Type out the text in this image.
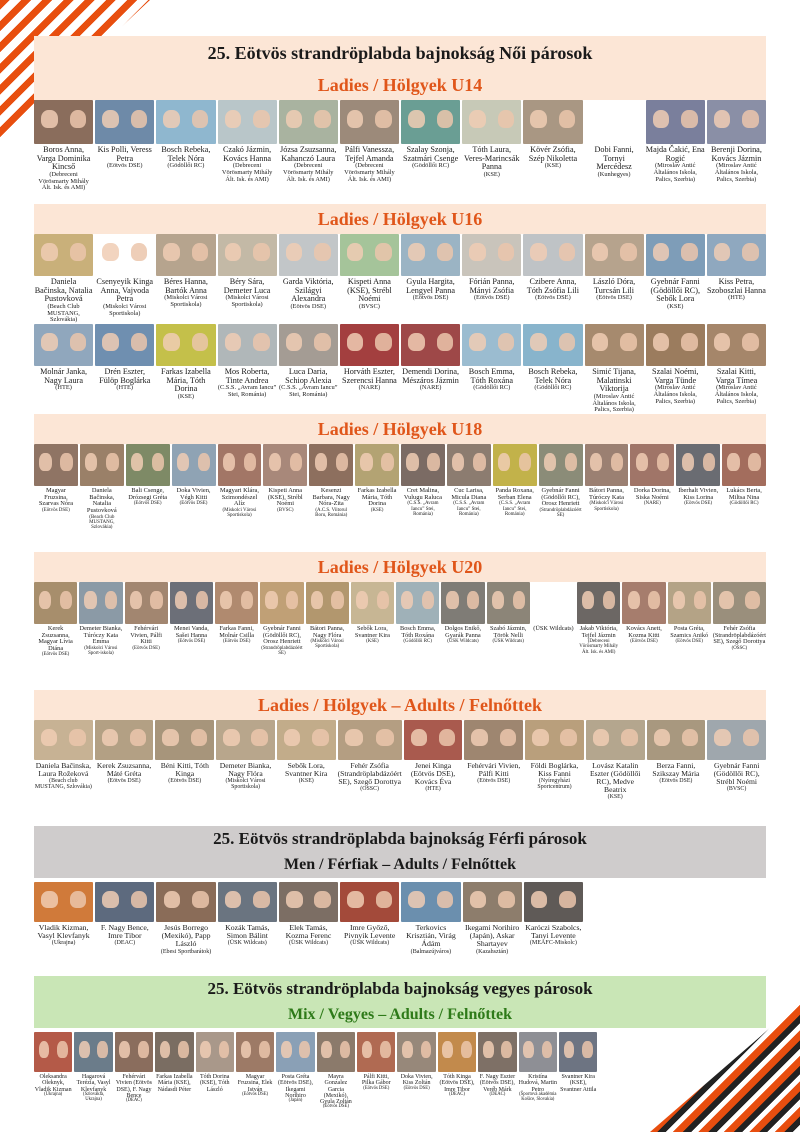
25. Eötvös strandröplabda bajnokság Női párosok
Ladies / Hölgyek U14
Boros Anna, Varga Dominika Kincső
(Debreceni Vörösmarty Mihály Ált. Isk. és AMI)
Kis Polli, Veress Petra
(Eötvös DSE)
Bosch Rebeka, Telek Nóra
(Gödöllői RC)
Czakó Jázmin, Kovács Hanna
(Debreceni Vörösmarty Mihály Ált. Isk. és AMI)
Józsa Zsuzsanna, Kahanczó Laura
(Debreceni Vörösmarty Mihály Ált. Isk. és AMI)
Pálfi Vanessza, Tejfel Amanda
(Debreceni Vörösmarty Mihály Ált. Isk. és AMI)
Szalay Szonja, Szatmári Csenge
(Gödöllői RC)
Tóth Laura, Veres-Marincsák Panna
(KSE)
Kövér Zsófia, Szép Nikoletta
(KSE)
Dobi Fanni, Tornyi Mercédesz
(Kunhegyes)
Majda Čakić, Ena Rogić
(Miroslav Antić Általános Iskola, Palics, Szerbia)
Berenji Dorina, Kovács Jázmin
(Miroslav Antić Általános Iskola, Palics, Szerbia)
Ladies / Hölgyek U16
Daniela Bačinska, Natalia Pustovková
(Beach Club MUSTANG, Szlovákia)
Csenyeyik Kinga Anna, Vajvoda Petra
(Miskolci Városi Sportiskola)
Béres Hanna, Bartók Anna
(Miskolci Városi Sportiskola)
Béry Sára, Demeter Luca
(Miskolci Városi Sportiskola)
Garda Viktória, Szilágyi Alexandra
(Eötvös DSE)
Kispeti Anna (KSE), Strébl Noémi
(BVSC)
Gyula Hargita, Lengyel Panna
(Eötvös DSE)
Fórián Panna, Mányi Zsófia
(Eötvös DSE)
Czibere Anna, Tóth Zsófia Lili
(Eötvös DSE)
László Dóra, Turcsán Lili
(Eötvös DSE)
Gyebnár Fanni (Gödöllői RC), Sebők Lora
(KSE)
Kiss Petra, Szoboszlai Hanna
(HTE)
Molnár Janka, Nagy Laura
(HTE)
Drén Eszter, Fülöp Boglárka
(HTE)
Farkas Izabella Mária, Tóth Dorina
(KSE)
Mos Roberta, Tinte Andrea
(C.S.S. „Avram Iancu” Stei, Románia)
Luca Daria, Schiop Alexia
(C.S.S. „Avram Iancu” Stei, Románia)
Horváth Eszter, Szerencsi Hanna
(NARE)
Demendi Dorina, Mészáros Jázmin
(NARE)
Bosch Emma, Tóth Roxána
(Gödöllői RC)
Bosch Rebeka, Telek Nóra
(Gödöllői RC)
Simić Tijana, Malatinski Viktorija
(Miroslav Antić Általános Iskola, Palics, Szerbia)
Szalai Noémi, Varga Tünde
(Miroslav Antić Általános Iskola, Palics, Szerbia)
Szalai Kitti, Varga Tímea
(Miroslav Antić Általános Iskola, Palics, Szerbia)
Ladies / Hölgyek U18
Magyar Fruzsina, Szarvas Nóra
(Eötvös DSE)
Daniela Bačinska, Natalia Pustovková
(Beach Club MUSTANG, Szlovákia)
Bali Csenge, Drózsegi Gréta
(Eötvös DSE)
Doka Vivien, Végh Kitti
(Eötvös DSE)
Magyari Klára, Szimondészel Alíz
(Miskolci Városi Sportiskola)
Kispeti Anna (KSE), Strébl Noémi
(BVSC)
Kesenzi Barbara, Nagy Nóra-Zita
(A.C.S. Viitorul Boru, Románia)
Farkas Izabella Mária, Tóth Dorina
(KSE)
Cret Malina, Vulugu Raluca
(C.S.S. „Avram Iancu” Stei, Románia)
Cuc Larisa, Micula Diana
(C.S.S. „Avram Iancu” Stei, Románia)
Panda Roxana, Serban Elena
(C.S.S. „Avram Iancu” Stei, Románia)
Gyebnár Fanni (Gödöllői RC), Orosz Henriett
(Strandröplabdázóért SE)
Bátori Panna, Túróczy Kata
(Miskolci Városi Sportiskola)
Dorka Dorina, Siska Noémi
(NARE)
Iberhalt Vivien, Kiss Lorina
(Eötvös DSE)
Lukács Berta, Miltsa Nina
(Gödöllői RC)
Ladies / Hölgyek U20
Kerek Zsuzsanna, Magyar Lívia Diána
(Eötvös DSE)
Demeter Bianka, Túróczy Kata Emma
(Miskolci Városi Sport-iskola)
Fehérvári Vivien, Pálfi Kitti
(Eötvös DSE)
Menei Vanda, Sašei Hanna
(Eötvös DSE)
Farkas Fanni, Molnár Csilla
(Eötvös DSE)
Gyebnár Fanni (Gödöllői RC), Orosz Henriett
(Strandröplabdázóért SE)
Bátori Panna, Nagy Flóra
(Miskolci Városi Sportiskola)
Sebők Lora, Svantner Kira
(KSE)
Bosch Emma, Tóth Roxána
(Gödöllői RC)
Dolgos Enikő, Gyarák Panna
(ÜSK Wildcats)
Szabó Jázmin, Török Nelli
(ÜSK Wildcats)
(ÜSK Wildcats) Jakab Viktória, Tejfel Jázmin
(Debreceni Vörösmarty Mihály Ált. Isk. és AMI)
Kovács Anett, Kozma Kitti
(Eötvös DSE)
Posta Gréta, Szamics Anikó
(Eötvös DSE)
Fehér Zsófia (Strandröplabdázóért SE), Szegő Dorottya
(OSSC)
Ladies / Hölgyek – Adults / Felnőttek
Daniela Bačinska, Laura Rožeková
(Beach club MUSTANG, Szlovákia)
Kerek Zsuzsanna, Máté Gréta
(Eötvös DSE)
Béni Kitti, Tóth Kinga
(Eötvös DSE)
Demeter Bianka, Nagy Flóra
(Miskolci Városi Sportiskola)
Sebők Lora, Svantner Kira
(KSE)
Fehér Zsófia (Strandröplabdázóért SE), Szegő Dorottya
(OSSC)
Jenei Kinga (Eötvös DSE), Kovács Éva
(HTE)
Fehérvári Vivien, Pálfi Kitti
(Eötvös DSE)
Földi Boglárka, Kiss Fanni
(Nyíregyházi Sportcentrum)
Lovász Katalin Eszter (Gödöllői RC), Medve Beatrix
(KSE)
Berza Fanni, Szikszay Mária
(Eötvös DSE)
Gyebnár Fanni (Gödöllői RC), Strébl Noémi
(BVSC)
25. Eötvös strandröplabda bajnokság Férfi párosok
Men / Férfiak – Adults / Felnőttek
Vladik Kizman, Vasyl Klevfanyk
(Ukrajna)
F. Nagy Bence, Imre Tibor
(DEAC)
Jesús Borrego (Mexikó), Papp László
(Ebesi Sportbarátok)
Kozák Tamás, Simon Bálint
(ÜSK Wildcats)
Elek Tamás, Kozma Ferenc
(ÜSK Wildcats)
Imre Győző, Pivnyik Levente
(ÜSK Wildcats)
Terkovics Krisztián, Virág Ádám
(Balmazújváros)
Ikegami Norihiro (Japán), Askar Shartayev
(Kazahsztán)
Karóczi Szabolcs, Tanyi Levente
(MEAFC-Miskolc)
25. Eötvös strandröplabda bajnokság vegyes párosok
Mix / Vegyes – Adults / Felnőttek
Oleksandra Oleknyk, Vladik Kizman
(Ukrajna)
Hagarová Terézia, Vasyl Klevfanyk
(Szlovákia, Ukrajna)
Fehérvári Vivien (Eötvös DSE), F. Nagy Bence
(DEAC)
Farkas Izabella Mária (KSE), Nádasdi Péter
Tóth Dorina (KSE), Tóth László
Magyar Fruzsina, Elek István
(Eötvös DSE)
Posta Gréta (Eötvös DSE), Ikegami Norihiro
(Japán)
Mayra Gonzalez Garcia (Mexikó), Gyula Zoltán
(Eötvös DSE)
Pálfi Kitti, Pilka Gábor
(Eötvös DSE)
Doka Vivien, Kiss Zoltán
(Eötvös DSE)
Tóth Kinga (Eötvös DSE), Imre Tibor
(DEAC)
F. Nagy Eszter (Eötvös DSE), Veréb Márk
(DEAC)
Kristína Hudová, Martin Petro
(Športová akadémia Košice, Slovakia)
Svantner Kira (KSE), Svantner Attila
